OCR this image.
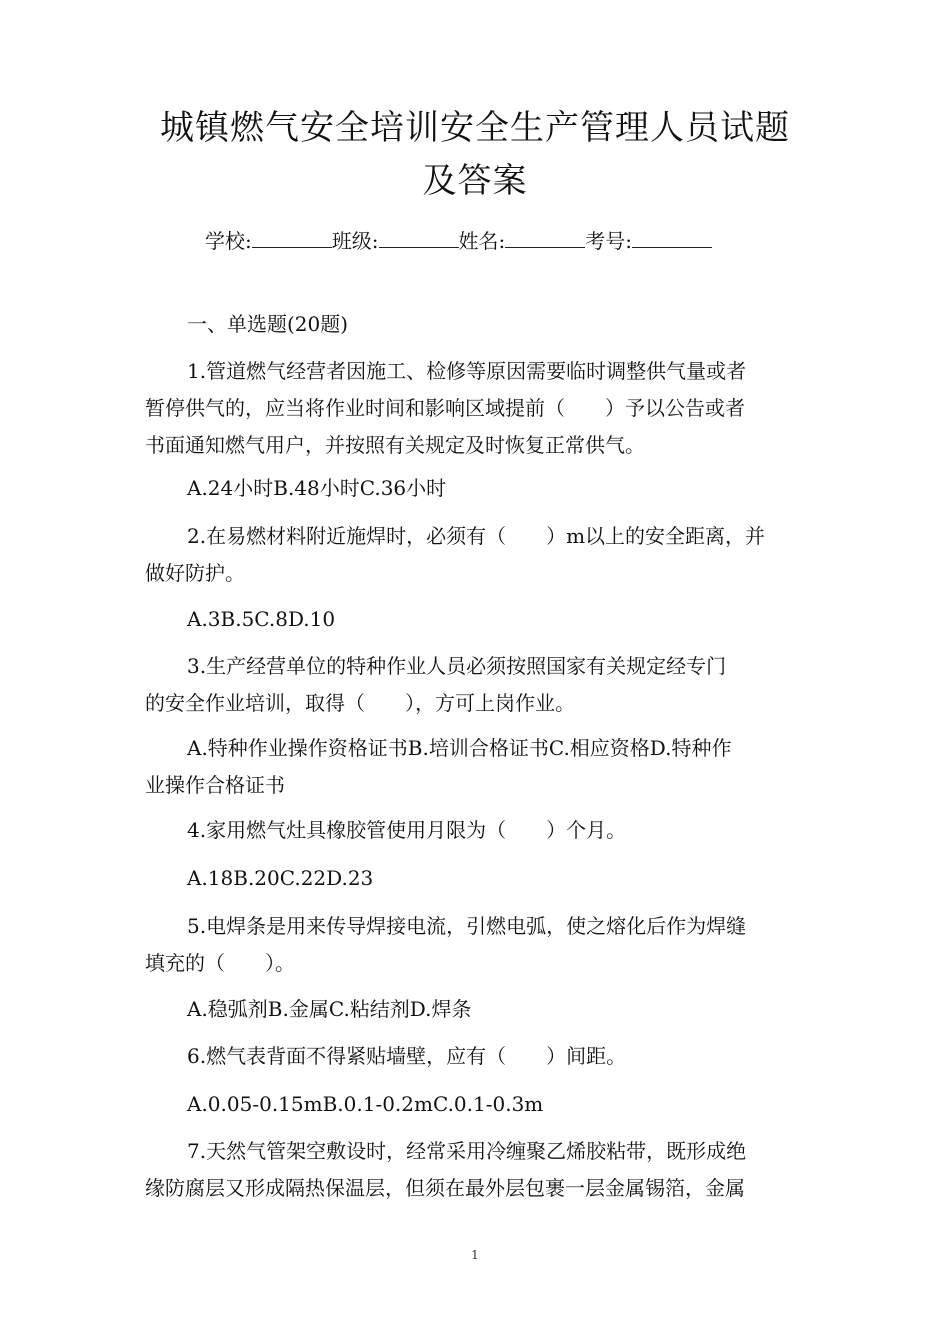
城镇燃气安全培训安全生产管理人员试题
及答案
学校:	班级:	姓名:	考号:
一、单选题(20题)
1.管道燃气经营者因施工、检修等原因需要临时调整供气量或者
暂停供气的，应当将作业时间和影响区域提前（　　）予以公告或者
书面通知燃气用户，并按照有关规定及时恢复正常供气。
A.24小时B.48小时C.36小时
2.在易燃材料附近施焊时，必须有（　　）m以上的安全距离，并
做好防护。
A.3B.5C.8D.10
3.生产经营单位的特种作业人员必须按照国家有关规定经专门
的安全作业培训，取得（　　），方可上岗作业。
A.特种作业操作资格证书B.培训合格证书C.相应资格D.特种作
业操作合格证书
4.家用燃气灶具橡胶管使用月限为（　　）个月。
A.18B.20C.22D.23
5.电焊条是用来传导焊接电流，引燃电弧，使之熔化后作为焊缝
填充的（　　）。
A.稳弧剂B.金属C.粘结剂D.焊条
6.燃气表背面不得紧贴墙壁，应有（　　）间距。
A.0.05-0.15mB.0.1-0.2mC.0.1-0.3m
7.天然气管架空敷设时，经常采用冷缠聚乙烯胶粘带，既形成绝
缘防腐层又形成隔热保温层，但须在最外层包裹一层金属锡箔，金属
1
